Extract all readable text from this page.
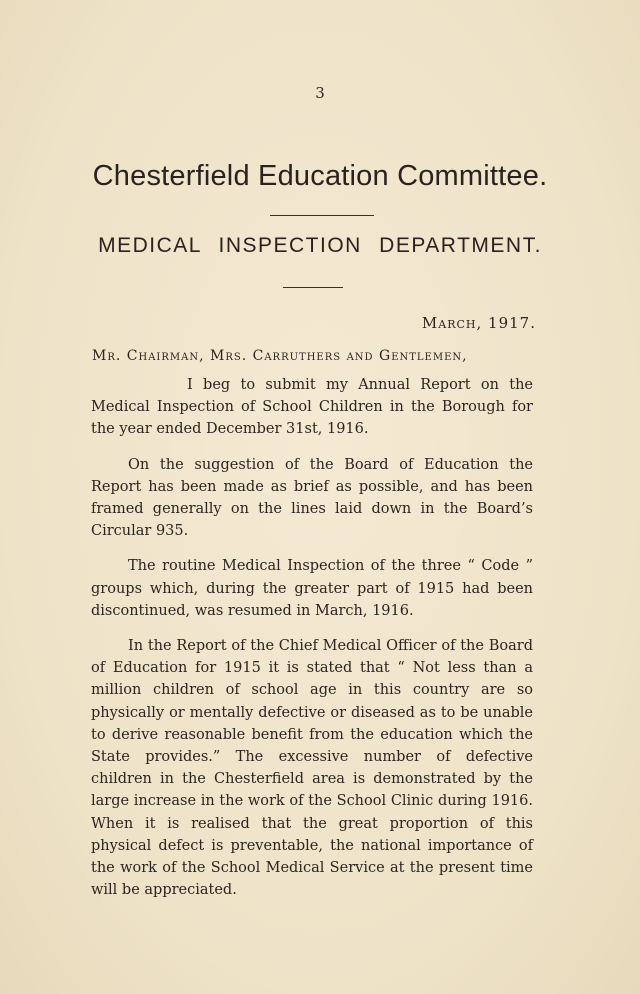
3
Chesterfield Education Committee.
MEDICAL INSPECTION DEPARTMENT.
March, 1917.
Mr. Chairman, Mrs. Carruthers and Gentlemen,

I beg to submit my Annual Report on the Medical Inspection of School Children in the Borough for the year ended December 31st, 1916.

On the suggestion of the Board of Education the Report has been made as brief as possible, and has been framed generally on the lines laid down in the Board’s Circular 935.

The routine Medical Inspection of the three “ Code ” groups which, during the greater part of 1915 had been discontinued, was resumed in March, 1916.

In the Report of the Chief Medical Officer of the Board of Education for 1915 it is stated that “ Not less than a million children of school age in this country are so physically or mentally defective or diseased as to be unable to derive reasonable benefit from the education which the State provides.” The excessive number of defective children in the Chesterfield area is demonstrated by the large increase in the work of the School Clinic during 1916. When it is realised that the great proportion of this physical defect is preventable, the national importance of the work of the School Medical Service at the present time will be appreciated.
